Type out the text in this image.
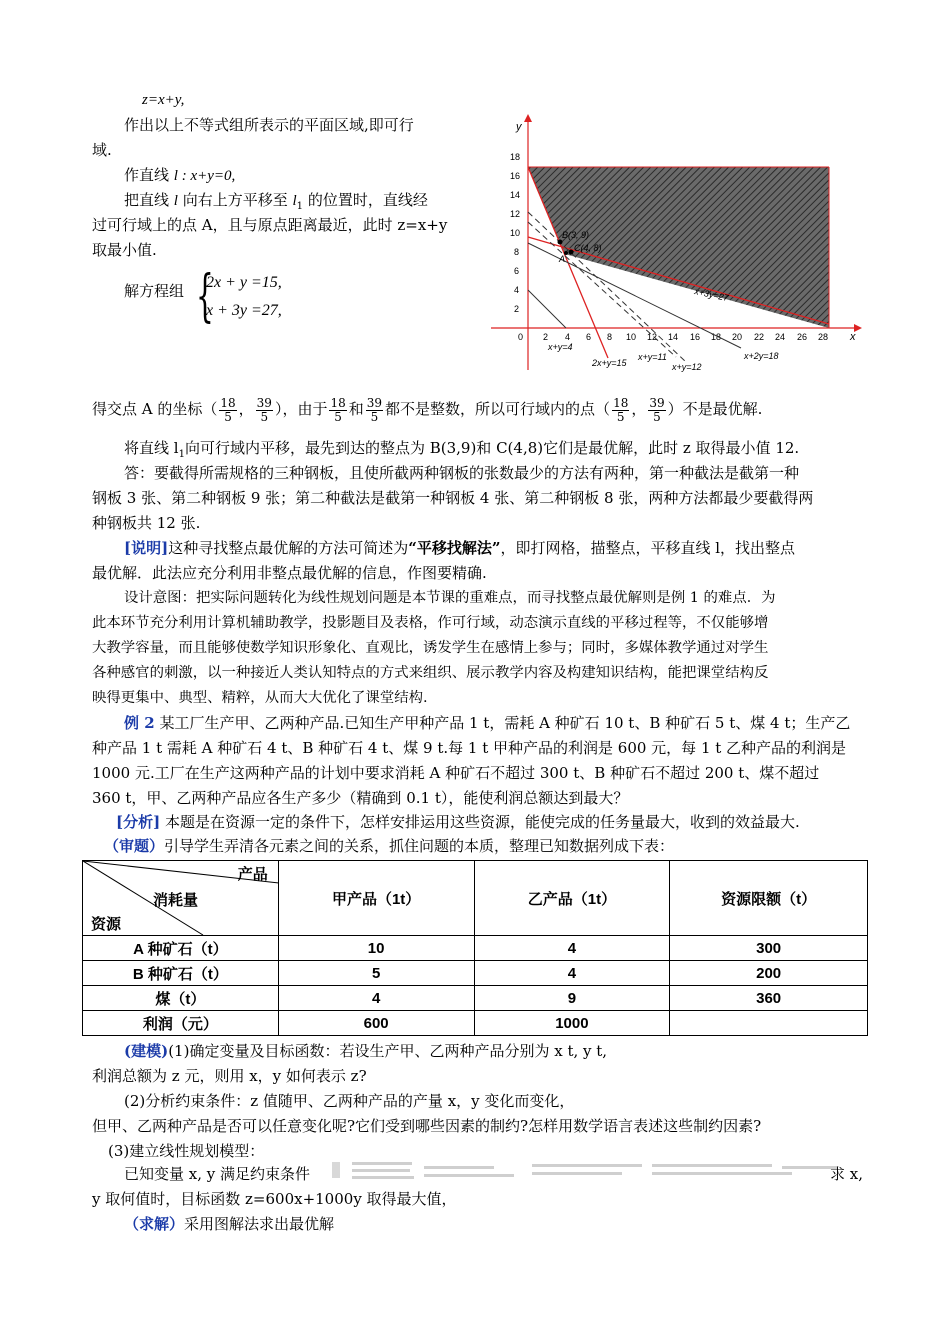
z=x+y,
作出以上不等式组所表示的平面区域,即可行
域.
作直线 l : x+y=0,
把直线 l 向右上方平移至 $l_1$ 的位置时，直线经
过可行域上的点 A，且与原点距离最近，此时 z=x+y
取最小值.
解方程组 {
2x + y =15,
x + 3y =27,
y
x
0 2 4 6 8 10 12 14 16 18 20 22 24 26 28
2
4
6
8
10
12
14
16
18
B(3, 9)
C(4, 8)
A
x+3y=27
x+y=4
2x+y=15
x+y=11
x+y=12
x+2y=18
得交点 A 的坐标（ $\frac{18}{5}$ ， $\frac{39}{5}$ ），由于 $\frac{18}{5}$ 和 $\frac{39}{5}$ 都不是整数，所以可行域内的点（ $\frac{18}{5}$ ， $\frac{39}{5}$ ）不是最优解.
将直线 $l_1$向可行域内平移，最先到达的整点为 B(3,9)和 C(4,8)它们是最优解，此时 z 取得最小值 12.
答：要截得所需规格的三种钢板，且使所截两种钢板的张数最少的方法有两种，第一种截法是截第一种
钢板 3 张、第二种钢板 9 张；第二种截法是截第一种钢板 4 张、第二种钢板 8 张，两种方法都最少要截得两
种钢板共 12 张.
[说明]这种寻找整点最优解的方法可简述为“平移找解法”，即打网格，描整点，平移直线 l，找出整点
最优解．此法应充分利用非整点最优解的信息，作图要精确.
设计意图：把实际问题转化为线性规划问题是本节课的重难点，而寻找整点最优解则是例 1 的难点．为
此本环节充分利用计算机辅助教学，投影题目及表格，作可行域，动态演示直线的平移过程等，不仅能够增
大教学容量，而且能够使数学知识形象化、直观比，诱发学生在感情上参与；同时，多媒体教学通过对学生
各种感官的刺激，以一种接近人类认知特点的方式来组织、展示教学内容及构建知识结构，能把课堂结构反
映得更集中、典型、精粹，从而大大优化了课堂结构.
例 2 某工厂生产甲、乙两种产品.已知生产甲种产品 1 t，需耗 A 种矿石 10 t、B 种矿石 5 t、煤 4 t；生产乙
种产品 1 t 需耗 A 种矿石 4 t、B 种矿石 4 t、煤 9 t.每 1 t 甲种产品的利润是 600 元，每 1 t 乙种产品的利润是
1000 元.工厂在生产这两种产品的计划中要求消耗 A 种矿石不超过 300 t、B 种矿石不超过 200 t、煤不超过
360 t，甲、乙两种产品应各生产多少（精确到 0.1 t），能使利润总额达到最大？
[分析] 本题是在资源一定的条件下，怎样安排运用这些资源，能使完成的任务量最大，收到的效益最大.
（审题）引导学生弄清各元素之间的关系，抓住问题的本质，整理已知数据列成下表：
产品
消耗量
资源	甲产品（1t）	乙产品（1t）	资源限额（t）
A 种矿石（t）	10	4	300
B 种矿石（t）	5	4	200
煤（t）	4	9	360
利润（元）	600	1000	
(建模)(1)确定变量及目标函数：若设生产甲、乙两种产品分别为 x t, y t,
利润总额为 z 元，则用 x，y 如何表示 z?
(2)分析约束条件：z 值随甲、乙两种产品的产量 x，y 变化而变化，
但甲、乙两种产品是否可以任意变化呢?它们受到哪些因素的制约?怎样用数学语言表述这些制约因素?
(3)建立线性规划模型：
已知变量 x, y 满足约束条件	求 x,
y 取何值时，目标函数 z=600x+1000y 取得最大值，
（求解）采用图解法求出最优解
